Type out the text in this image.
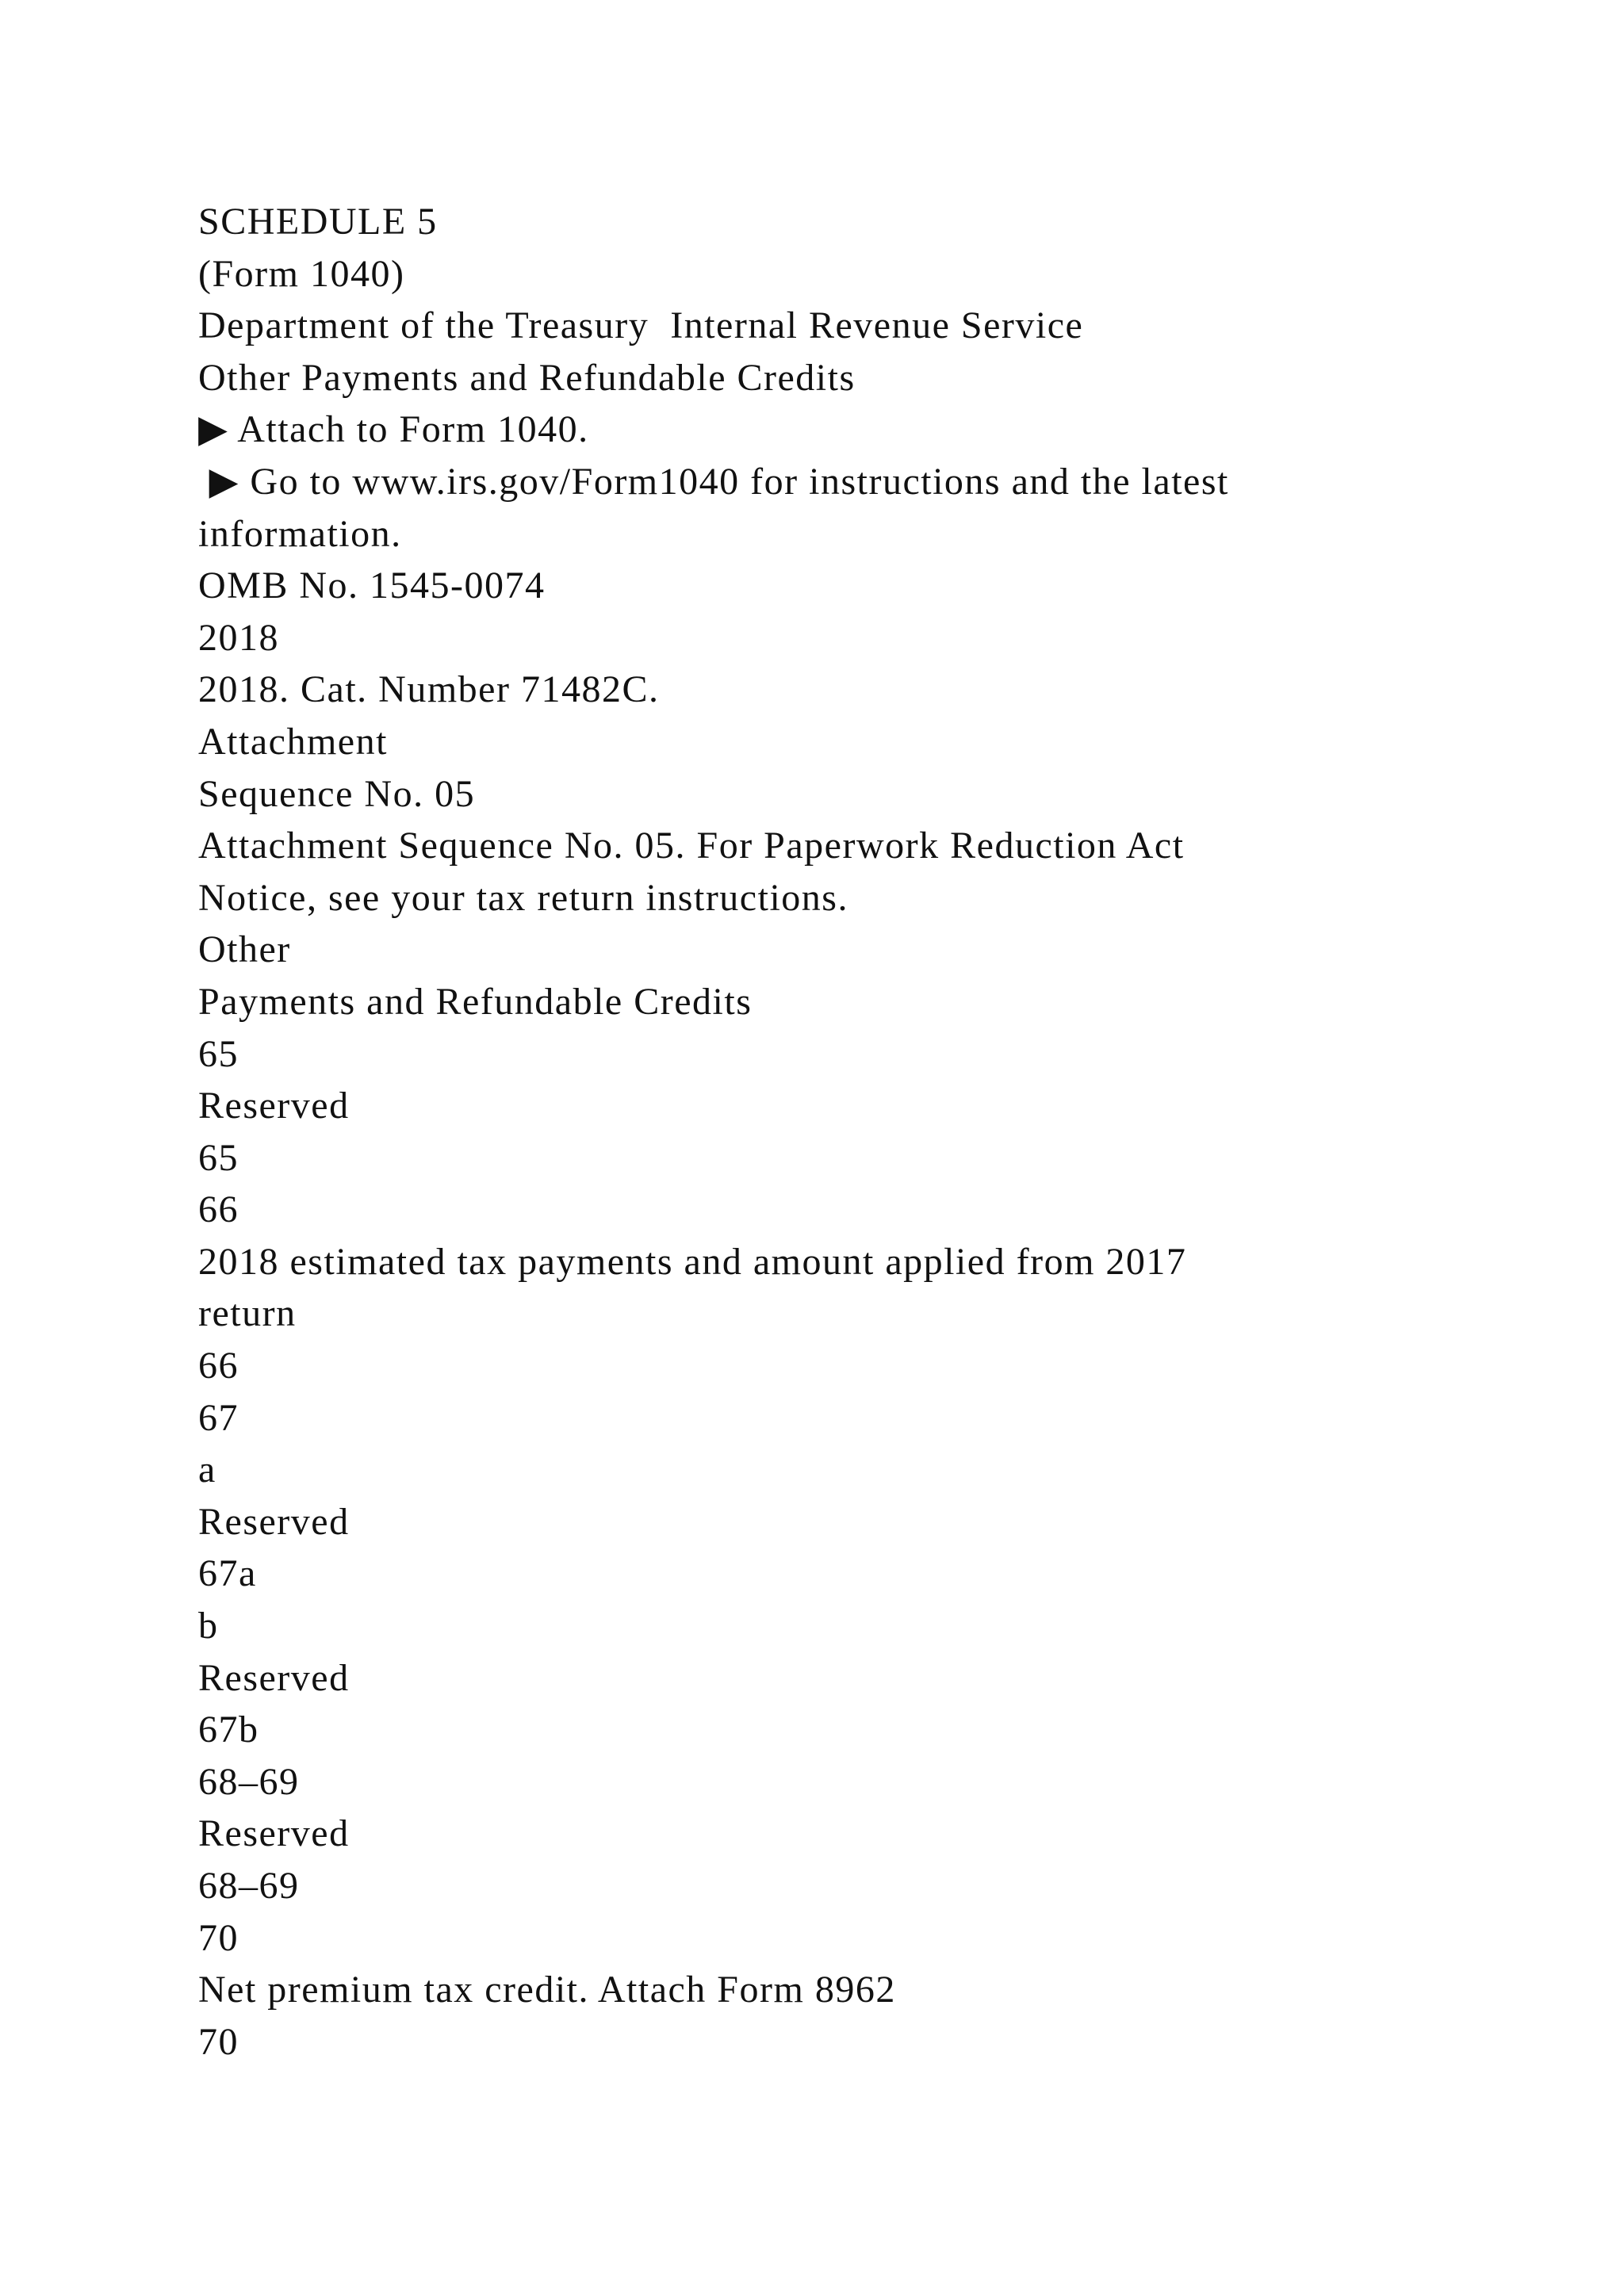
SCHEDULE 5
(Form 1040)
Department of the Treasury  Internal Revenue Service
Other Payments and Refundable Credits
▶ Attach to Form 1040.
▶ Go to www.irs.gov/Form1040 for instructions and the latest
information.
OMB No. 1545-0074
2018
2018. Cat. Number 71482C.
Attachment
Sequence No. 05
Attachment Sequence No. 05. For Paperwork Reduction Act
Notice, see your tax return instructions.
Other
Payments and Refundable Credits
65
Reserved
65
66
2018 estimated tax payments and amount applied from 2017
return
66
67
a
Reserved
67a
b
Reserved
67b
68–69
Reserved
68–69
70
Net premium tax credit. Attach Form 8962
70
